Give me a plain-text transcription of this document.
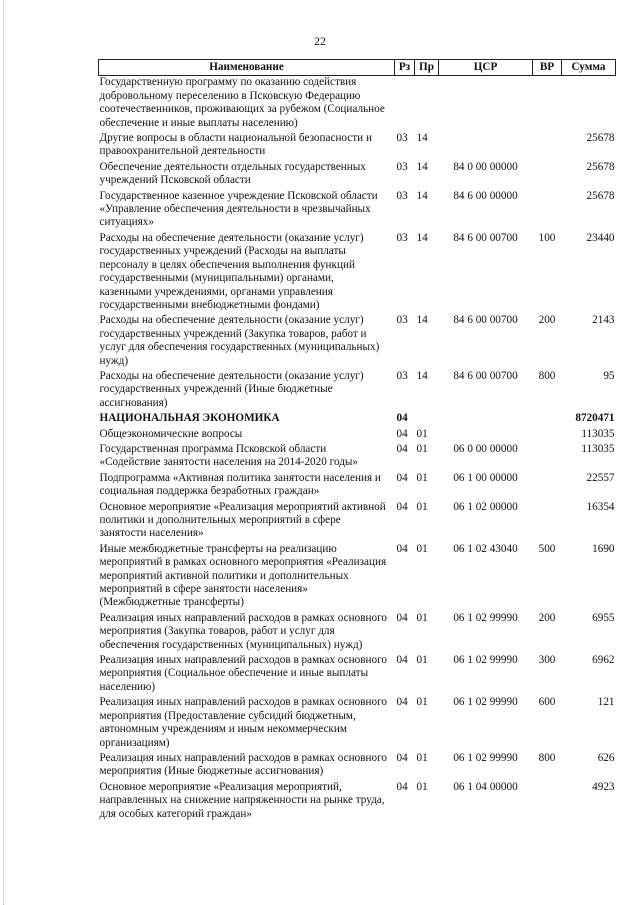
22
Наименование	Рз	Пр	ЦСР	ВР	Сумма
Государственную программу по оказанию содействия добровольному переселению в Псковскую Федерацию соотечественников, проживающих за рубежом (Социальное обеспечение и иные выплаты населению)					
Другие вопросы в области национальной безопасности и правоохранительной деятельности	03	14			25678
Обеспечение деятельности отдельных государственных учреждений Псковской области	03	14	84 0 00 00000		25678
Государственное казенное учреждение Псковской области «Управление обеспечения деятельности в чрезвычайных ситуациях»	03	14	84 6 00 00000		25678
Расходы на обеспечение деятельности (оказание услуг) государственных учреждений (Расходы на выплаты персоналу в целях обеспечения выполнения функций государственными (муниципальными) органами, казенными учреждениями, органами управления государственными внебюджетными фондами)	03	14	84 6 00 00700	100	23440
Расходы на обеспечение деятельности (оказание услуг) государственных учреждений (Закупка товаров, работ и услуг для обеспечения государственных (муниципальных) нужд)	03	14	84 6 00 00700	200	2143
Расходы на обеспечение деятельности (оказание услуг) государственных учреждений (Иные бюджетные ассигнования)	03	14	84 6 00 00700	800	95
НАЦИОНАЛЬНАЯ ЭКОНОМИКА	04				8720471
Общеэкономические вопросы	04	01			113035
Государственная программа Псковской области «Содействие занятости населения на 2014-2020 годы»	04	01	06 0 00 00000		113035
Подпрограмма «Активная политика занятости населения и социальная поддержка безработных граждан»	04	01	06 1 00 00000		22557
Основное мероприятие «Реализация мероприятий активной политики и дополнительных мероприятий в сфере занятости населения»	04	01	06 1 02 00000		16354
Иные межбюджетные трансферты на реализацию мероприятий в рамках основного мероприятия «Реализация мероприятий активной политики и дополнительных мероприятий в сфере занятости населения» (Межбюджетные трансферты)	04	01	06 1 02 43040	500	1690
Реализация иных направлений расходов в рамках основного мероприятия (Закупка товаров, работ и услуг для обеспечения государственных (муниципальных) нужд)	04	01	06 1 02 99990	200	6955
Реализация иных направлений расходов в рамках основного мероприятия (Социальное обеспечение и иные выплаты населению)	04	01	06 1 02 99990	300	6962
Реализация иных направлений расходов в рамках основного мероприятия (Предоставление субсидий бюджетным, автономным учреждениям и иным некоммерческим организациям)	04	01	06 1 02 99990	600	121
Реализация иных направлений расходов в рамках основного мероприятия (Иные бюджетные ассигнования)	04	01	06 1 02 99990	800	626
Основное мероприятие «Реализация мероприятий, направленных на снижение напряженности на рынке труда, для особых категорий граждан»	04	01	06 1 04 00000		4923
